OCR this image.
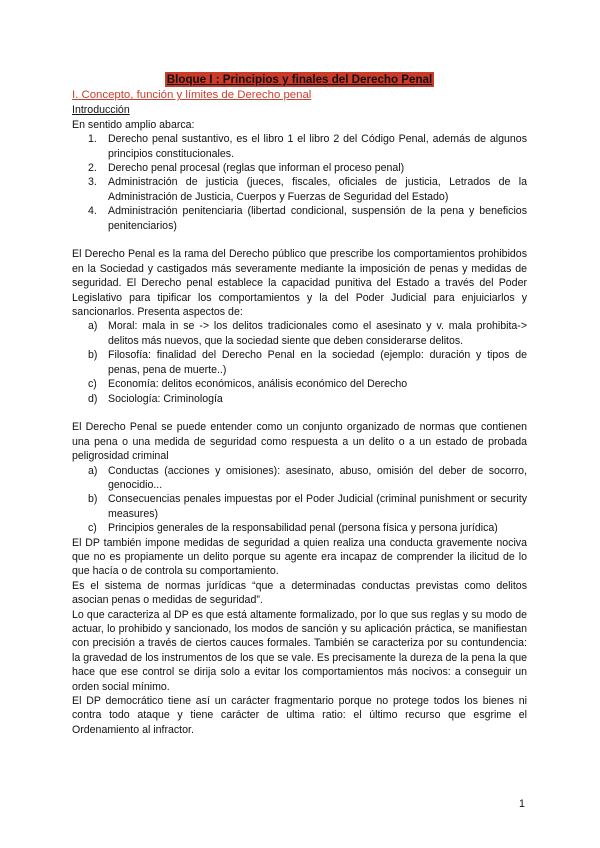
Bloque I : Principios y finales del Derecho Penal
I. Concepto, función y límites de Derecho penal
Introducción

En sentido amplio abarca:

1. Derecho penal sustantivo, es el libro 1 el libro 2 del Código Penal, además de algunos principios constitucionales.
2. Derecho penal procesal (reglas que informan el proceso penal)
3. Administración de justicia (jueces, fiscales, oficiales de justicia, Letrados de la Administración de Justicia, Cuerpos y Fuerzas de Seguridad del Estado)
4. Administración penitenciaria (libertad condicional, suspensión de la pena y beneficios penitenciarios)

El Derecho Penal es la rama del Derecho público que prescribe los comportamientos prohibidos en la Sociedad y castigados más severamente mediante la imposición de penas y medidas de seguridad. El Derecho penal establece la capacidad punitiva del Estado a través del Poder Legislativo para tipificar los comportamientos y la del Poder Judicial para enjuiciarlos y sancionarlos. Presenta aspectos de:

a) Moral: mala in se -> los delitos tradicionales como el asesinato y v. mala prohibita-> delitos más nuevos, que la sociedad siente que deben considerarse delitos.
b) Filosofía: finalidad del Derecho Penal en la sociedad (ejemplo: duración y tipos de penas, pena de muerte..)
c) Economía: delitos económicos, análisis económico del Derecho
d) Sociología: Criminología

El Derecho Penal se puede entender como un conjunto organizado de normas que contienen una pena o una medida de seguridad como respuesta a un delito o a un estado de probada peligrosidad criminal

a) Conductas (acciones y omisiones): asesinato, abuso, omisión del deber de socorro, genocidio...
b) Consecuencias penales impuestas por el Poder Judicial (criminal punishment or security measures)
c) Principios generales de la responsabilidad penal (persona física y persona jurídica)

El DP también impone medidas de seguridad a quien realiza una conducta gravemente nociva que no es propiamente un delito porque su agente era incapaz de comprender la ilicitud de lo que hacía o de controla su comportamiento.

Es el sistema de normas jurídicas “que a determinadas conductas previstas como delitos asocian penas o medidas de seguridad”.

Lo que caracteriza al DP es que está altamente formalizado, por lo que sus reglas y su modo de actuar, lo prohibido y sancionado, los modos de sanción y su aplicación práctica, se manifiestan con precisión a través de ciertos cauces formales. También se caracteriza por su contundencia: la gravedad de los instrumentos de los que se vale. Es precisamente la dureza de la pena la que hace que ese control se dirija solo a evitar los comportamientos más nocivos: a conseguir un orden social mínimo.

El DP democrático tiene así un carácter fragmentario porque no protege todos los bienes ni contra todo ataque y tiene carácter de ultima ratio: el último recurso que esgrime el Ordenamiento al infractor.

1
